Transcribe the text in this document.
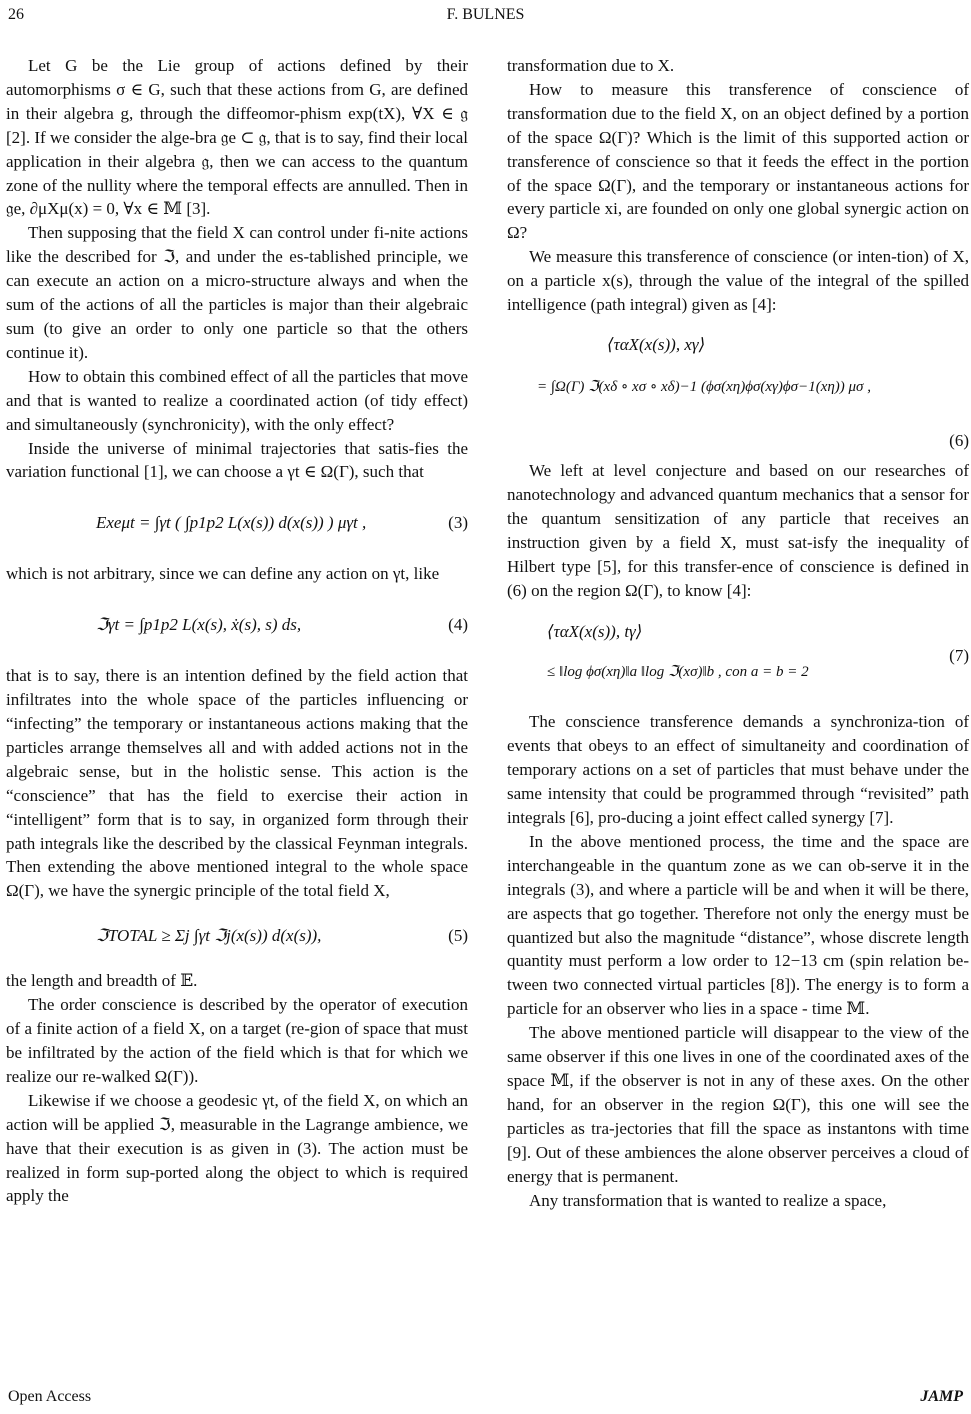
26	F. BULNES

Let G be the Lie group of actions defined by their automorphisms σ ∈ G, such that these actions from G, are defined in their algebra g, through the diffeomor-phism exp(tX), ∀X ∈ 𝔤 [2]. If we consider the alge-bra 𝔤e ⊂ 𝔤, that is to say, find their local application in their algebra 𝔤, then we can access to the quantum zone of the nullity where the temporal effects are annulled. Then in 𝔤e, ∂μXμ(x) = 0, ∀x ∈ 𝕄 [3].

Then supposing that the field X can control under fi-nite actions like the described for ℑ, and under the es-tablished principle, we can execute an action on a micro-structure always and when the sum of the actions of all the particles is major than their algebraic sum (to give an order to only one particle so that the others continue it).

How to obtain this combined effect of all the particles that move and that is wanted to realize a coordinated action (of tidy effect) and simultaneously (synchronicity), with the only effect?

Inside the universe of minimal trajectories that satis-fies the variation functional [1], we can choose a γt ∈ Ω(Γ), such that

Exeμt = ∫γt ( ∫p1p2 L(x(s)) d(x(s)) ) μγt ,	(3)

which is not arbitrary, since we can define any action on γt, like

ℑγt = ∫p1p2 L(x(s), ẋ(s), s) ds,	(4)

that is to say, there is an intention defined by the field action that infiltrates into the whole space of the particles influencing or “infecting” the temporary or instantaneous actions making that the particles arrange themselves all and with added actions not in the algebraic sense, but in the holistic sense. This action is the “conscience” that has the field to exercise their action in “intelligent” form that is to say, in organized form through their path integrals like the described by the classical Feynman integrals. Then extending the above mentioned integral to the whole space Ω(Γ), we have the synergic principle of the total field X,

ℑTOTAL ≥ Σj ∫γt ℑj(x(s)) d(x(s)),	(5)

the length and breadth of 𝔼.

The order conscience is described by the operator of execution of a finite action of a field X, on a target (re-gion of space that must be infiltrated by the action of the field which is that for which we realize our re-walked Ω(Γ)).

Likewise if we choose a geodesic γt, of the field X, on which an action will be applied ℑ, measurable in the Lagrange ambience, we have that their execution is as given in (3). The action must be realized in form sup-ported along the object to which is required apply the

transformation due to X.

How to measure this transference of conscience of transformation due to the field X, on an object defined by a portion of the space Ω(Γ)? Which is the limit of this supported action or transference of conscience so that it feeds the effect in the portion of the space Ω(Γ), and the temporary or instantaneous actions for every particle xi, are founded on only one global synergic action on Ω?

We measure this transference of conscience (or inten-tion) of X, on a particle x(s), through the value of the integral of the spilled intelligence (path integral) given as [4]:

⟨ταX(x(s)), xγ⟩
= ∫Ω(Γ) ℑ(xδ ∘ xσ ∘ xδ)−1 (ϕσ(xη)ϕσ(xγ)ϕσ−1(xη)) μσ ,
(6)

We left at level conjecture and based on our researches of nanotechnology and advanced quantum mechanics that a sensor for the quantum sensitization of any particle that receives an instruction given by a field X, must sat-isfy the inequality of Hilbert type [5], for this transfer-ence of conscience is defined in (6) on the region Ω(Γ), to know [4]:

⟨ταX(x(s)), tγ⟩
≤ ‖log ϕσ(xη)‖a ‖log ℑ(xσ)‖b , con a = b = 2
(7)

The conscience transference demands a synchroniza-tion of events that obeys to an effect of simultaneity and coordination of temporary actions on a set of particles that must behave under the same intensity that could be programmed through “revisited” path integrals [6], pro-ducing a joint effect called synergy [7].

In the above mentioned process, the time and the space are interchangeable in the quantum zone as we can ob-serve it in the integrals (3), and where a particle will be and when it will be there, are aspects that go together. Therefore not only the energy must be quantized but also the magnitude “distance”, whose discrete length quantity must perform a low order to 12−13 cm (spin relation be-tween two connected virtual particles [8]). The energy is to form a particle for an observer who lies in a space - time 𝕄.

The above mentioned particle will disappear to the view of the same observer if this one lives in one of the coordinated axes of the space 𝕄, if the observer is not in any of these axes. On the other hand, for an observer in the region Ω(Γ), this one will see the particles as tra-jectories that fill the space as instantons with time [9]. Out of these ambiences the alone observer perceives a cloud of energy that is permanent.

Any transformation that is wanted to realize a space,

Open Access	JAMP
